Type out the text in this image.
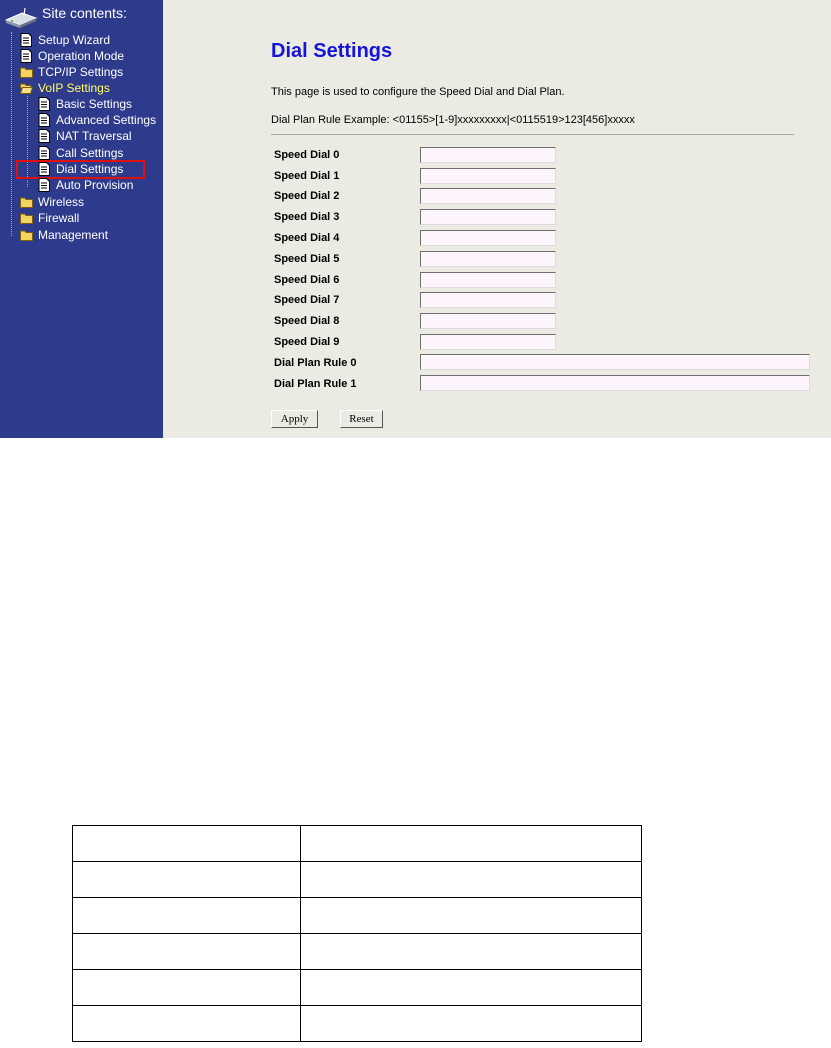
Site contents:
Setup Wizard
Operation Mode
TCP/IP Settings
VoIP Settings
Basic Settings
Advanced Settings
NAT Traversal
Call Settings
Dial Settings
Auto Provision
Wireless
Firewall
Management
Dial Settings
This page is used to configure the Speed Dial and Dial Plan.
Dial Plan Rule Example: <01155>[1-9]xxxxxxxxx|<0115519>123[456]xxxxx
Speed Dial 0
Speed Dial 1
Speed Dial 2
Speed Dial 3
Speed Dial 4
Speed Dial 5
Speed Dial 6
Speed Dial 7
Speed Dial 8
Speed Dial 9
Dial Plan Rule 0
Dial Plan Rule 1
Apply	Reset
